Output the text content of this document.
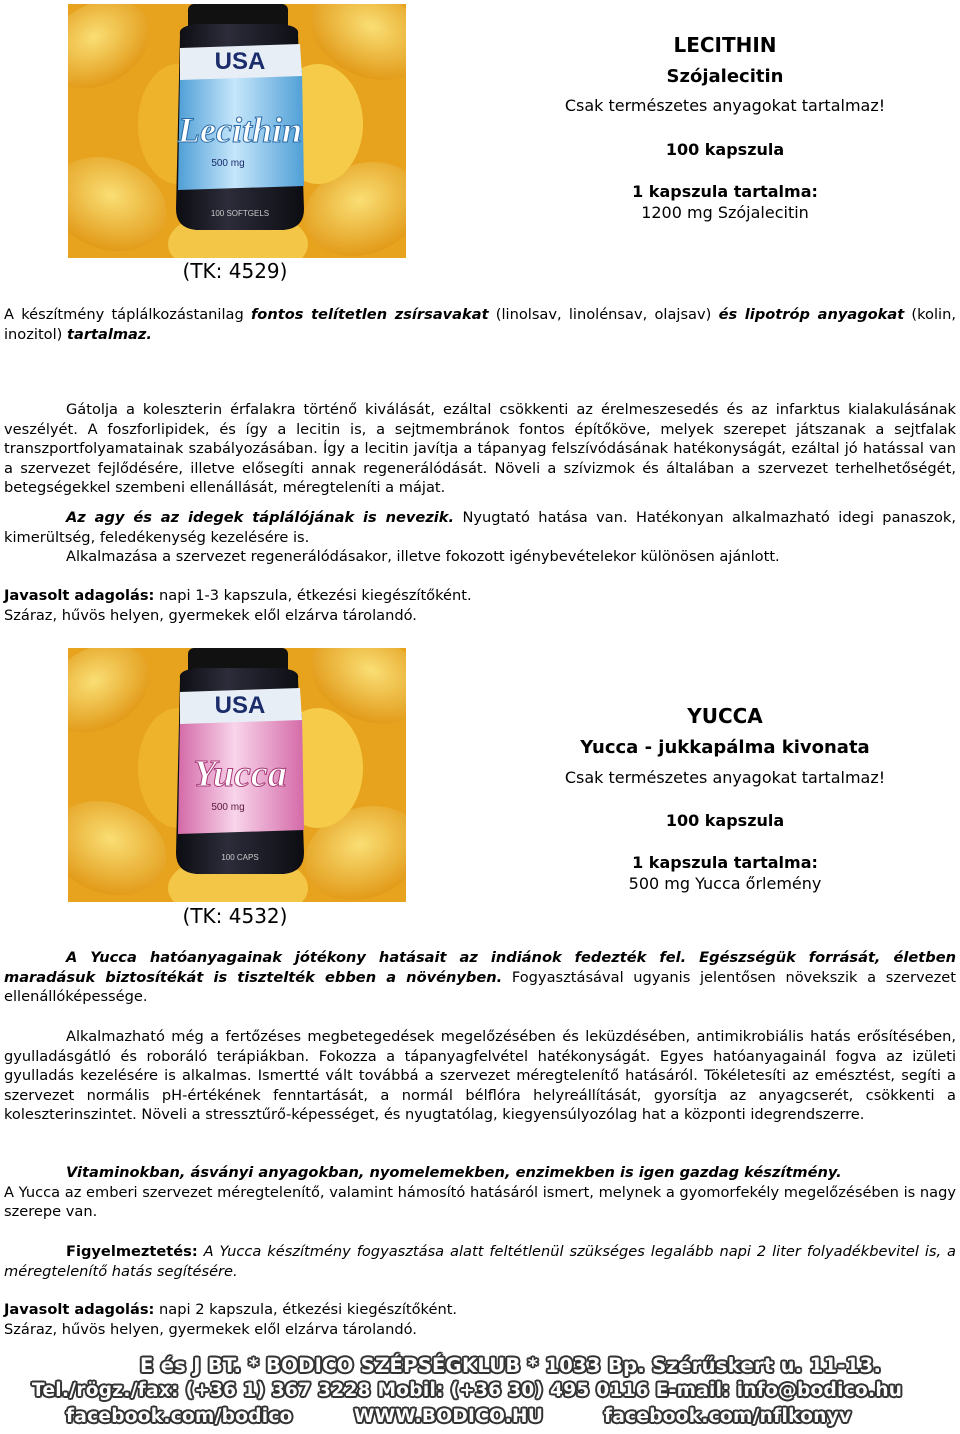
USA
Lecithin
500 mg
100 SOFTGELS
LECITHIN
Szójalecitin
Csak természetes anyagokat tartalmaz!
100 kapszula
1 kapszula tartalma:
1200 mg Szójalecitin
(TK: 4529)

A készítmény táplálkozástanilag fontos telítetlen zsírsavakat (linolsav, linolénsav, olajsav) és lipotróp anyagokat (kolin, inozitol) tartalmaz.

Gátolja a koleszterin érfalakra történő kiválását, ezáltal csökkenti az érelmeszesedés és az infarktus kialakulásának veszélyét. A foszforlipidek, és így a lecitin is, a sejtmembránok fontos építőköve, melyek szerepet játszanak a sejtfalak transzportfolyamatainak szabályozásában. Így a lecitin javítja a tápanyag felszívódásának hatékonyságát, ezáltal jó hatással van a szervezet fejlődésére, illetve elősegíti annak regenerálódását. Növeli a szívizmok és általában a szervezet terhelhetőségét, betegségekkel szembeni ellenállását, méregteleníti a májat.

Az agy és az idegek táplálójának is nevezik. Nyugtató hatása van. Hatékonyan alkalmazható idegi panaszok, kimerültség, feledékenység kezelésére is.

Alkalmazása a szervezet regenerálódásakor, illetve fokozott igénybevételekor különösen ajánlott.
Javasolt adagolás: napi 1-3 kapszula, étkezési kiegészítőként.
Száraz, hűvös helyen, gyermekek elől elzárva tárolandó.
USA
Yucca
500 mg
100 CAPS
YUCCA
Yucca - jukkapálma kivonata
Csak természetes anyagokat tartalmaz!
100 kapszula
1 kapszula tartalma:
500 mg Yucca őrlemény
(TK: 4532)

A Yucca hatóanyagainak jótékony hatásait az indiánok fedezték fel. Egészségük forrását, életben maradásuk biztosítékát is tisztelték ebben a növényben. Fogyasztásával ugyanis jelentősen növekszik a szervezet ellenállóképessége.

Alkalmazható még a fertőzéses megbetegedések megelőzésében és leküzdésében, antimikrobiális hatás erősítésében, gyulladásgátló és roboráló terápiákban. Fokozza a tápanyagfelvétel hatékonyságát. Egyes hatóanyagainál fogva az izületi gyulladás kezelésére is alkalmas. Ismertté vált továbbá a szervezet méregtelenítő hatásáról. Tökéletesíti az emésztést, segíti a szervezet normális pH-értékének fenntartását, a normál bélflóra helyreállítását, gyorsítja az anyagcserét, csökkenti a koleszterinszintet. Növeli a stressztűrő-képességet, és nyugtatólag, kiegyensúlyozólag hat a központi idegrendszerre.

Vitaminokban, ásványi anyagokban, nyomelemekben, enzimekben is igen gazdag készítmény.

A Yucca az emberi szervezet méregtelenítő, valamint hámosító hatásáról ismert, melynek a gyomorfekély megelőzésében is nagy szerepe van.

Figyelmeztetés: A Yucca készítmény fogyasztása alatt feltétlenül szükséges legalább napi 2 liter folyadékbevitel is, a méregtelenítő hatás segítésére.

Javasolt adagolás: napi 2 kapszula, étkezési kiegészítőként.
Száraz, hűvös helyen, gyermekek elől elzárva tárolandó.
E és J BT. * BODICO SZÉPSÉGKLUB * 1033 Bp. Szérűskert u. 11-13.
Tel./rögz./fax: (+36 1) 367 3228 Mobil: (+36 30) 495 0116 E-mail: info@bodico.hu
facebook.com/bodico	WWW.BODICO.HU	facebook.com/nflkonyv
